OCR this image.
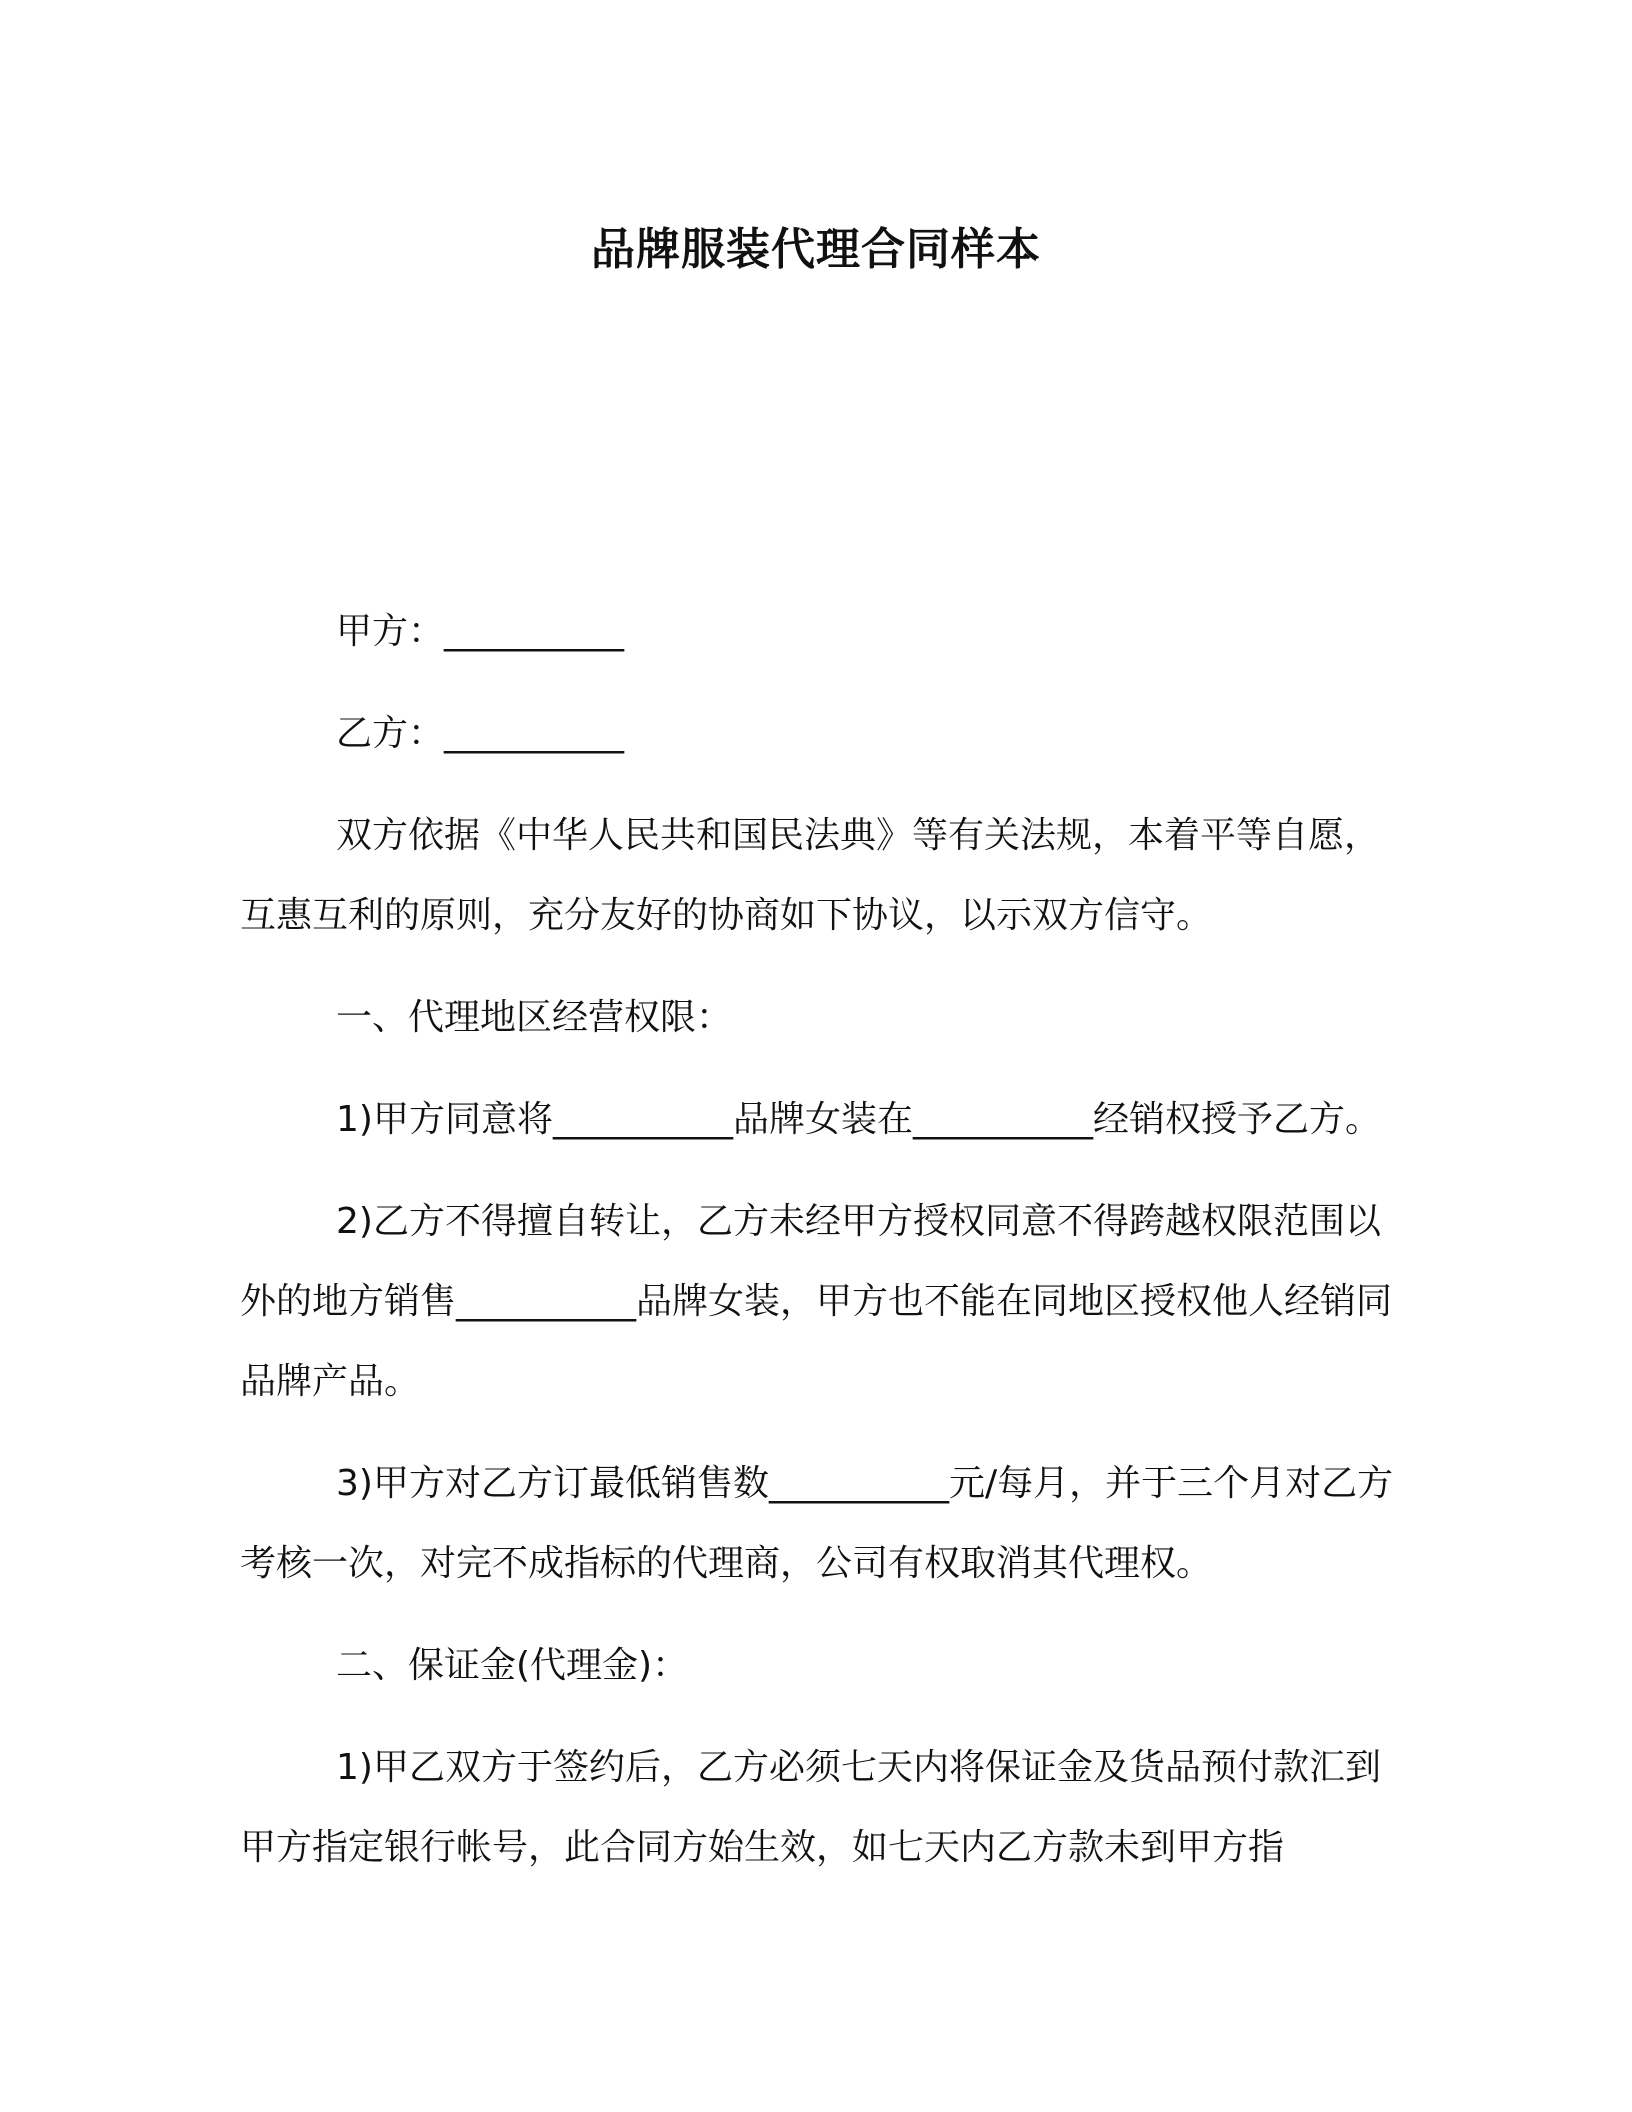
品牌服装代理合同样本

甲方：__________

乙方：__________

双方依据《中华人民共和国民法典》等有关法规，本着平等自愿，互惠互利的原则，充分友好的协商如下协议，以示双方信守。

一、代理地区经营权限：

1)甲方同意将__________品牌女装在__________经销权授予乙方。

2)乙方不得擅自转让，乙方未经甲方授权同意不得跨越权限范围以外的地方销售__________品牌女装，甲方也不能在同地区授权他人经销同品牌产品。

3)甲方对乙方订最低销售数__________元/每月，并于三个月对乙方考核一次，对完不成指标的代理商，公司有权取消其代理权。

二、保证金(代理金)：

1)甲乙双方于签约后，乙方必须七天内将保证金及货品预付款汇到甲方指定银行帐号，此合同方始生效，如七天内乙方款未到甲方指
